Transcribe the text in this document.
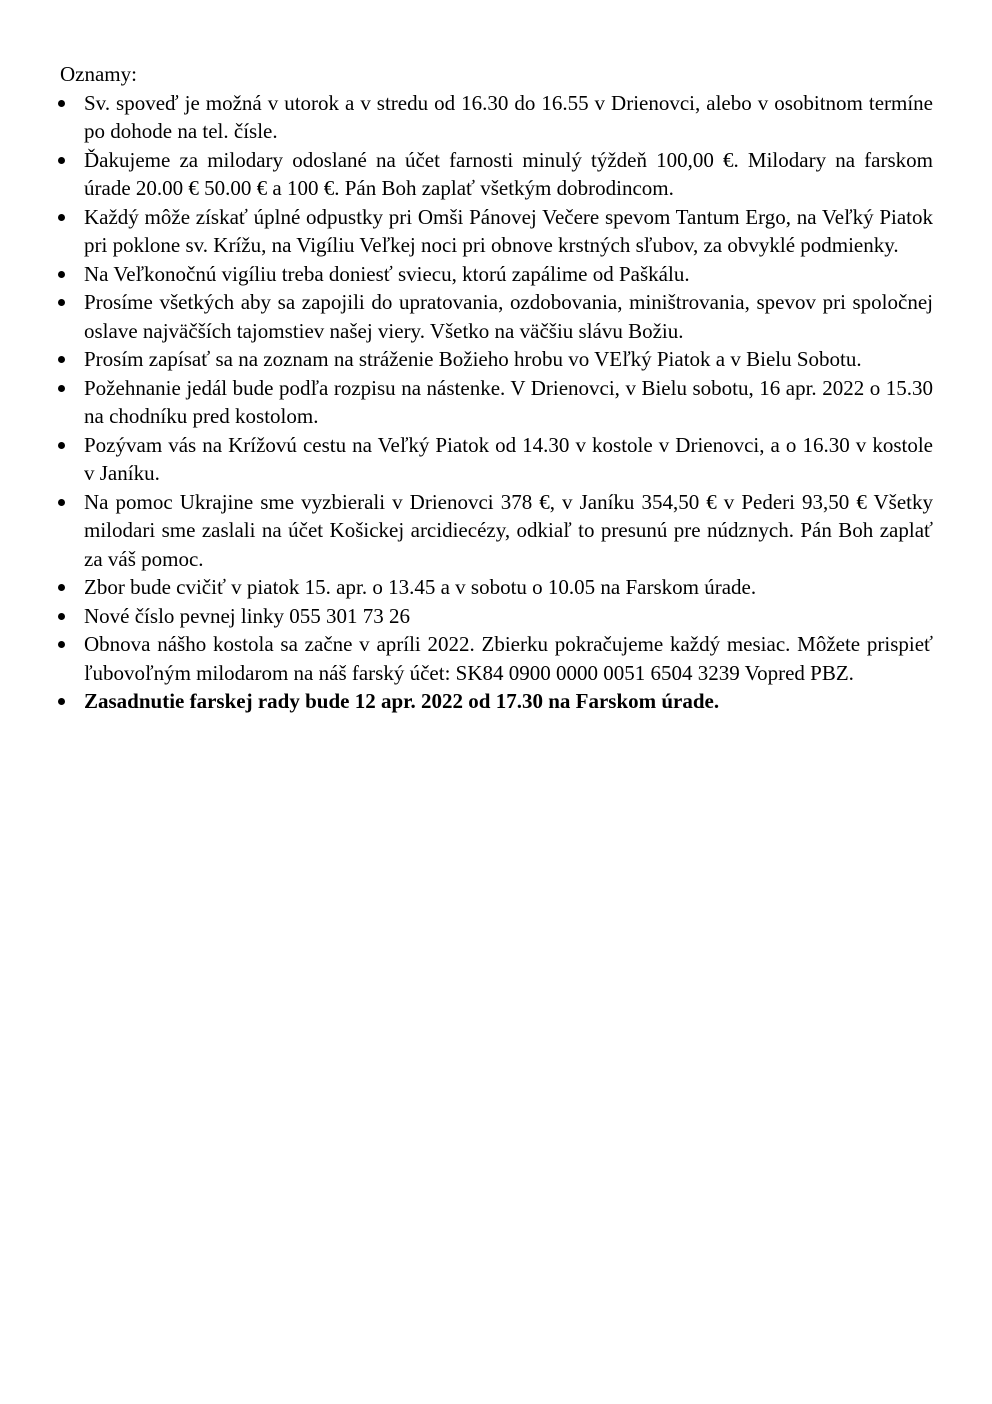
Oznamy:
Sv. spoveď je možná v utorok a v stredu od 16.30 do 16.55 v Drienovci, alebo v osobitnom termíne po dohode na tel. čísle.
Ďakujeme za milodary odoslané na účet farnosti minulý týždeň 100,00 €. Milodary na farskom úrade 20.00 € 50.00 € a 100 €. Pán Boh zaplať všetkým dobrodincom.
Každý môže získať úplné odpustky pri Omši Pánovej Večere spevom Tantum Ergo, na Veľký Piatok pri poklone sv. Krížu, na Vigíliu Veľkej noci pri obnove krstných sľubov, za obvyklé podmienky.
Na Veľkonočnú vigíliu treba doniesť sviecu, ktorú zapálime od Paškálu.
Prosíme všetkých aby sa zapojili do upratovania, ozdobovania, miništrovania, spevov pri spoločnej oslave najväčších tajomstiev našej viery. Všetko na väčšiu slávu Božiu.
Prosím zapísať sa na zoznam na stráženie Božieho hrobu vo VEľký Piatok a v Bielu Sobotu.
Požehnanie jedál bude podľa rozpisu na nástenke. V Drienovci, v Bielu sobotu, 16 apr. 2022 o 15.30 na chodníku pred kostolom.
Pozývam vás na Krížovú cestu na Veľký Piatok od 14.30 v kostole v Drienovci, a o 16.30 v kostole v Janíku.
Na pomoc Ukrajine sme vyzbierali v Drienovci 378 €, v Janíku 354,50 € v Pederi 93,50 € Všetky milodari sme zaslali na účet Košickej arcidiecézy, odkiaľ to presunú pre núdznych. Pán Boh zaplať za váš pomoc.
Zbor bude cvičiť v piatok 15. apr. o 13.45 a v sobotu o 10.05 na Farskom úrade.
Nové číslo pevnej linky 055 301 73 26
Obnova nášho kostola sa začne v apríli 2022. Zbierku pokračujeme každý mesiac. Môžete prispieť ľubovoľným milodarom na náš farský účet: SK84 0900 0000 0051 6504 3239 Vopred PBZ.
Zasadnutie farskej rady bude 12 apr. 2022 od 17.30 na Farskom úrade.
